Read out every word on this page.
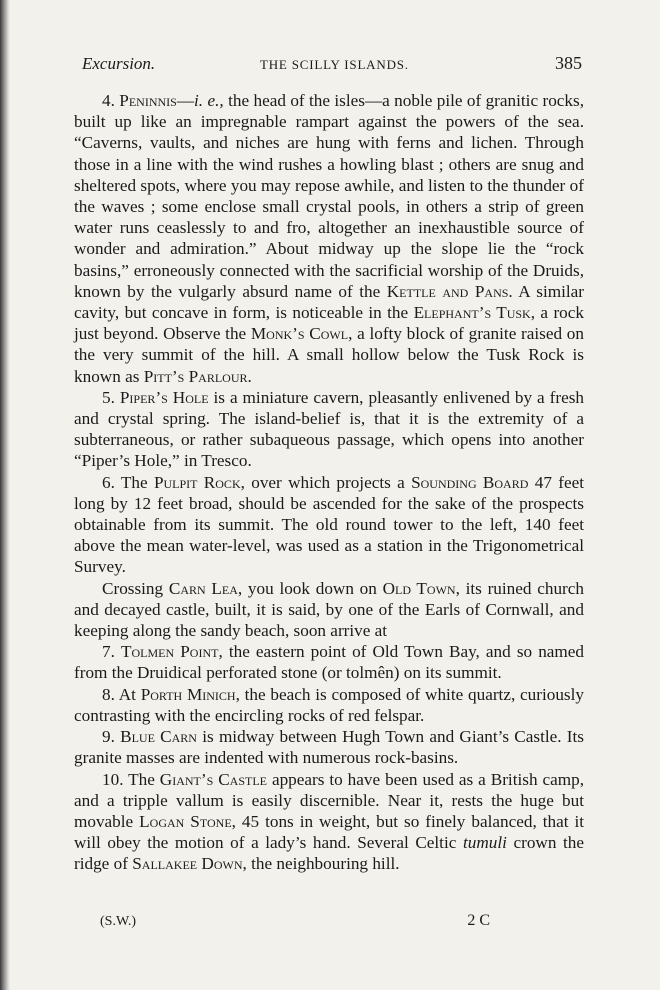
Excursion.	THE SCILLY ISLANDS.	385

4. Peninnis—i. e., the head of the isles—a noble pile of granitic rocks, built up like an impregnable rampart against the powers of the sea. “Caverns, vaults, and niches are hung with ferns and lichen. Through those in a line with the wind rushes a howling blast ; others are snug and sheltered spots, where you may repose awhile, and listen to the thunder of the waves ; some enclose small crystal pools, in others a strip of green water runs ceaslessly to and fro, altogether an inexhaustible source of wonder and admiration.” About midway up the slope lie the “rock basins,” erroneously connected with the sacrificial worship of the Druids, known by the vulgarly absurd name of the Kettle and Pans. A similar cavity, but concave in form, is noticeable in the Elephant’s Tusk, a rock just beyond. Observe the Monk’s Cowl, a lofty block of granite raised on the very summit of the hill. A small hollow below the Tusk Rock is known as Pitt’s Parlour.

5. Piper’s Hole is a miniature cavern, pleasantly enlivened by a fresh and crystal spring. The island-belief is, that it is the extremity of a subterraneous, or rather subaqueous passage, which opens into another “Piper’s Hole,” in Tresco.

6. The Pulpit Rock, over which projects a Sounding Board 47 feet long by 12 feet broad, should be ascended for the sake of the prospects obtainable from its summit. The old round tower to the left, 140 feet above the mean water-level, was used as a station in the Trigonometrical Survey.

Crossing Carn Lea, you look down on Old Town, its ruined church and decayed castle, built, it is said, by one of the Earls of Cornwall, and keeping along the sandy beach, soon arrive at

7. Tolmen Point, the eastern point of Old Town Bay, and so named from the Druidical perforated stone (or tolmên) on its summit.

8. At Porth Minich, the beach is composed of white quartz, curiously contrasting with the encircling rocks of red felspar.

9. Blue Carn is midway between Hugh Town and Giant’s Castle. Its granite masses are indented with numerous rock-basins.

10. The Giant’s Castle appears to have been used as a British camp, and a tripple vallum is easily discernible. Near it, rests the huge but movable Logan Stone, 45 tons in weight, but so finely balanced, that it will obey the motion of a lady’s hand. Several Celtic tumuli crown the ridge of Sallakee Down, the neighbouring hill.

(S.W.)	2 C
